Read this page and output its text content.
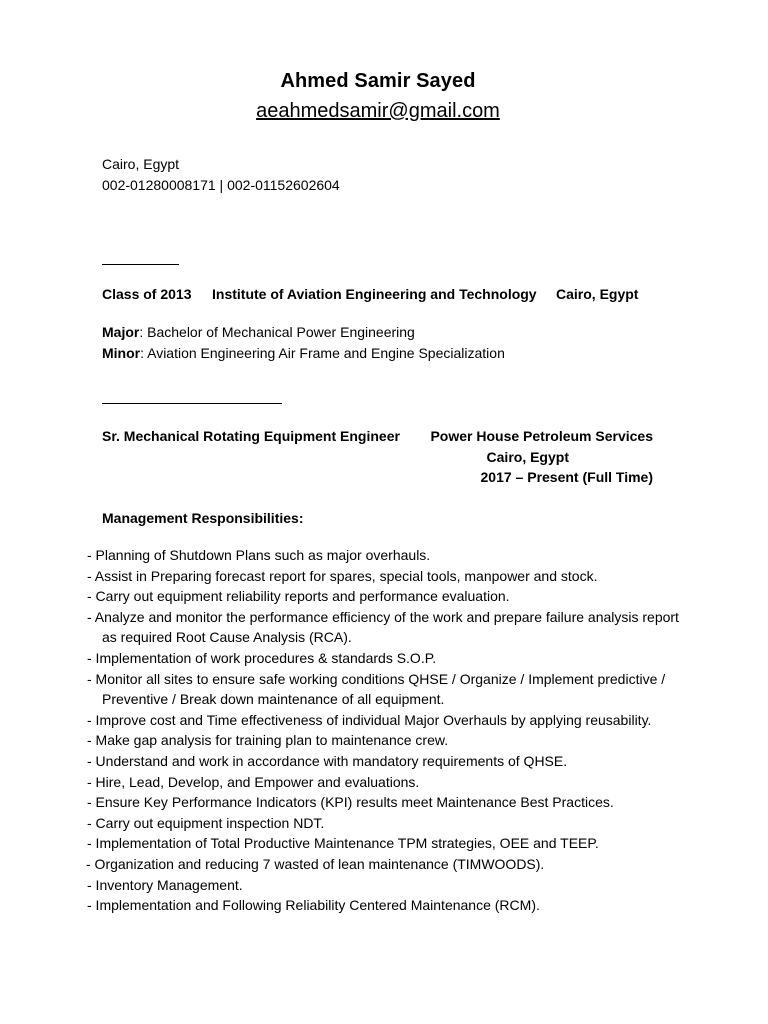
Ahmed Samir Sayed
aeahmedsamir@gmail.com
Cairo, Egypt
002-01280008171 | 002-01152602604
Class of 2013 Institute of Aviation Engineering and Technology Cairo, Egypt
Major: Bachelor of Mechanical Power Engineering
Minor: Aviation Engineering Air Frame and Engine Specialization
Sr. Mechanical Rotating Equipment Engineer Power House Petroleum Services
Cairo, Egypt
2017 – Present (Full Time)
Management Responsibilities:
- Planning of Shutdown Plans such as major overhauls.
- Assist in Preparing forecast report for spares, special tools, manpower and stock.
- Carry out equipment reliability reports and performance evaluation.
- Analyze and monitor the performance efficiency of the work and prepare failure analysis report as required Root Cause Analysis (RCA).
- Implementation of work procedures & standards S.O.P.
- Monitor all sites to ensure safe working conditions QHSE / Organize / Implement predictive / Preventive / Break down maintenance of all equipment.
- Improve cost and Time effectiveness of individual Major Overhauls by applying reusability.
- Make gap analysis for training plan to maintenance crew.
- Understand and work in accordance with mandatory requirements of QHSE.
- Hire, Lead, Develop, and Empower and evaluations.
- Ensure Key Performance Indicators (KPI) results meet Maintenance Best Practices.
- Carry out equipment inspection NDT.
- Implementation of Total Productive Maintenance TPM strategies, OEE and TEEP.
- Organization and reducing 7 wasted of lean maintenance (TIMWOODS).
- Inventory Management.
- Implementation and Following Reliability Centered Maintenance (RCM).
